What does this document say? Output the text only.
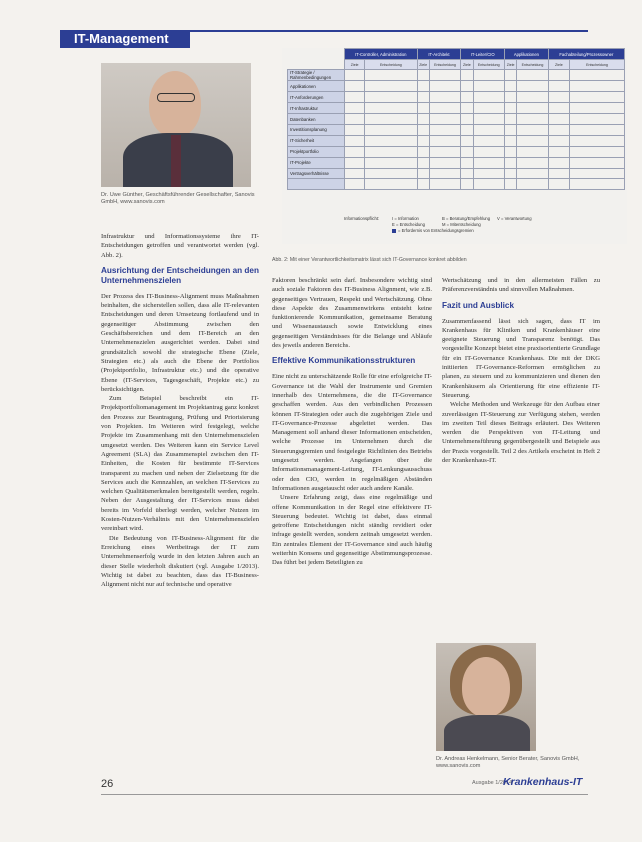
IT-Management
Dr. Uwe Günther, Geschäftsführender Gesellschafter, Sanovis GmbH, www.sanovis.com
	IT-Controller, Administration		IT-Architekt		IT-Leiter/CIO		Applikationen		Fachabteilung/Prozessowner	
	Ziele	Entscheidung	Ziele	Entscheidung	Ziele	Entscheidung	Ziele	Entscheidung	Ziele	Entscheidung
IT-Strategie / Rahmenbedingungen										
Applikationen										
IT-Anforderungen										
IT-Infrastruktur										
Datenbanken										
Investitionsplanung										
IT-Sicherheit										
Projektportfolio										
IT-Projekte										
Vertragsverhältnisse										

Informationspflicht:	I = Information
E = Entscheidung
B = Beratung/Empfehlung
M = Mitentscheidung
V = Verantwortung
= Erfordernis von Entscheidungsgremien
Abb. 2: Mit einer Verantwortlichkeitsmatrix lässt sich IT-Governance konkret abbilden

Infrastruktur und Informationssysteme ihre IT-Entscheidungen getroffen und verantwortet werden (vgl. Abb. 2).

Ausrichtung der Entscheidungen an den Unternehmenszielen

Der Prozess des IT-Business-Alignment muss Maßnahmen beinhalten, die sicherstellen sollen, dass alle IT-relevanten Entscheidungen und deren Umsetzung fortlaufend und in gegenseitiger Abstimmung zwischen den Geschäftsbereichen und dem IT-Bereich an den Unternehmenszielen ausgerichtet werden. Dabei sind grundsätzlich sowohl die strategische Ebene (Ziele, Strategien etc.) als auch die Ebene der Portfolios (Projektportfolio, Infrastruktur etc.) und die operative Ebene (IT-Services, Tagesgeschäft, Projekte etc.) zu berücksichtigen.

Zum Beispiel beschreibt ein IT-Projektportfoliomanagement im Projektantrag ganz konkret den Prozess zur Beantragung, Prüfung und Priorisierung von Projekten. Im Weiteren wird festgelegt, welche Projekte im Zusammenhang mit den Unternehmenszielen umgesetzt werden. Des Weiteren kann ein Service Level Agreement (SLA) das Zusammenspiel zwischen den IT-Einheiten, die Kosten für bestimmte IT-Services transparent zu machen und neben der Zielsetzung für die Services auch die Kennzahlen, an welchen IT-Services zu welchen Qualitätsmerkmalen bereitgestellt werden, regeln. Neben der Ausgestaltung der IT-Services muss dabei bereits im Vorfeld überlegt werden, welcher Nutzen im Kosten-Nutzen-Verhältnis mit den Unternehmenszielen vereinbart wird.

Die Bedeutung von IT-Business-Alignment für die Erreichung eines Wertbeitrags der IT zum Unternehmenserfolg wurde in den letzten Jahren auch an dieser Stelle wiederholt diskutiert (vgl. Ausgabe 1/2013). Wichtig ist dabei zu beachten, dass das IT-Business-Alignment nicht nur auf technische und operative

Faktoren beschränkt sein darf. Insbesondere wichtig sind auch soziale Faktoren des IT-Business Alignment, wie z.B. gegenseitiges Vertrauen, Respekt und Wertschätzung. Ohne diese Aspekte des Zusammenwirkens entsteht keine funktionierende Kommunikation, gemeinsame Beratung und Wissenaustausch sowie Entwicklung eines gegenseitigen Verständnisses für die Belange und Abläufe des jeweils anderen Bereichs.

Effektive Kommunikationsstrukturen

Eine nicht zu unterschätzende Rolle für eine erfolgreiche IT-Governance ist die Wahl der Instrumente und Gremien innerhalb des Unternehmens, die die IT-Governance geschaffen werden. Aus den verbindlichen Prozessen können IT-Strategien oder auch die zugehörigen Ziele und IT-Governance-Prozesse abgeleitet werden. Das Management soll anhand dieser Informationen entscheiden, welche Prozesse im Unternehmen durch die Steuerungsgremien und festgelegte Richtlinien des Betriebs umgesetzt werden. Angefangen über die Informationsmanagement-Leitung, IT-Lenkungsausschuss oder den CIO, werden in regelmäßigen Abständen Informationen ausgetauscht oder auch andere Kanäle.

Unsere Erfahrung zeigt, dass eine regelmäßige und offene Kommunikation in der Regel eine effektivere IT-Steuerung bedeutet. Wichtig ist dabei, dass einmal getroffene Entscheidungen nicht ständig revidiert oder infrage gestellt werden, sondern zeitnah umgesetzt werden. Ein zentrales Element der IT-Governance sind auch häufig weiterhin Konsens und gegenseitige Abstimmungsprozesse. Das führt bei jedem Beteiligten zu

Wertschätzung und in den allermeisten Fällen zu Präferenzverständnis und sinnvollen Maßnahmen.

Fazit und Ausblick

Zusammenfassend lässt sich sagen, dass IT im Krankenhaus für Kliniken und Krankenhäuser eine geeignete Steuerung und Transparenz benötigt. Das vorgestellte Konzept bietet eine praxisorientierte Grundlage für ein IT-Governance Krankenhaus. Die mit der DKG initiierten IT-Governance-Reformen ermöglichen zu planen, zu steuern und zu kommunizieren und dienen den Krankenhäusern als Orientierung für eine effiziente IT-Steuerung.

Welche Methoden und Werkzeuge für den Aufbau einer zuverlässigen IT-Steuerung zur Verfügung stehen, werden im zweiten Teil dieses Beitrags erläutert. Des Weiteren werden die Perspektiven von IT-Leitung und Unternehmensführung gegenübergestellt und Beispiele aus der Praxis vorgestellt. Teil 2 des Artikels erscheint in Heft 2 der Krankenhaus-IT.

Dr. Andreas Henkelmann, Senior Berater, Sanovis GmbH, www.sanovis.com
26	Ausgabe 1/2014
Krankenhaus-IT
